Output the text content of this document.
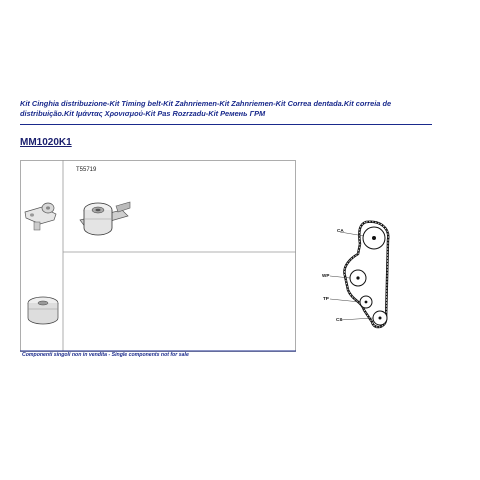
Kit Cinghia distribuzione-Kit Timing belt-Kit Zahnriemen-Kit Zahnriemen-Kit Correa dentada.Kit correia de distribuição.Kit Ιμάντας Χρονισμού-Kit Pas Rozrzadu-Kit Ремень ГРМ
MM1020K1
T55719
Componenti singoli non in vendita - Single components not for sale
CA
WP
TP
CS
